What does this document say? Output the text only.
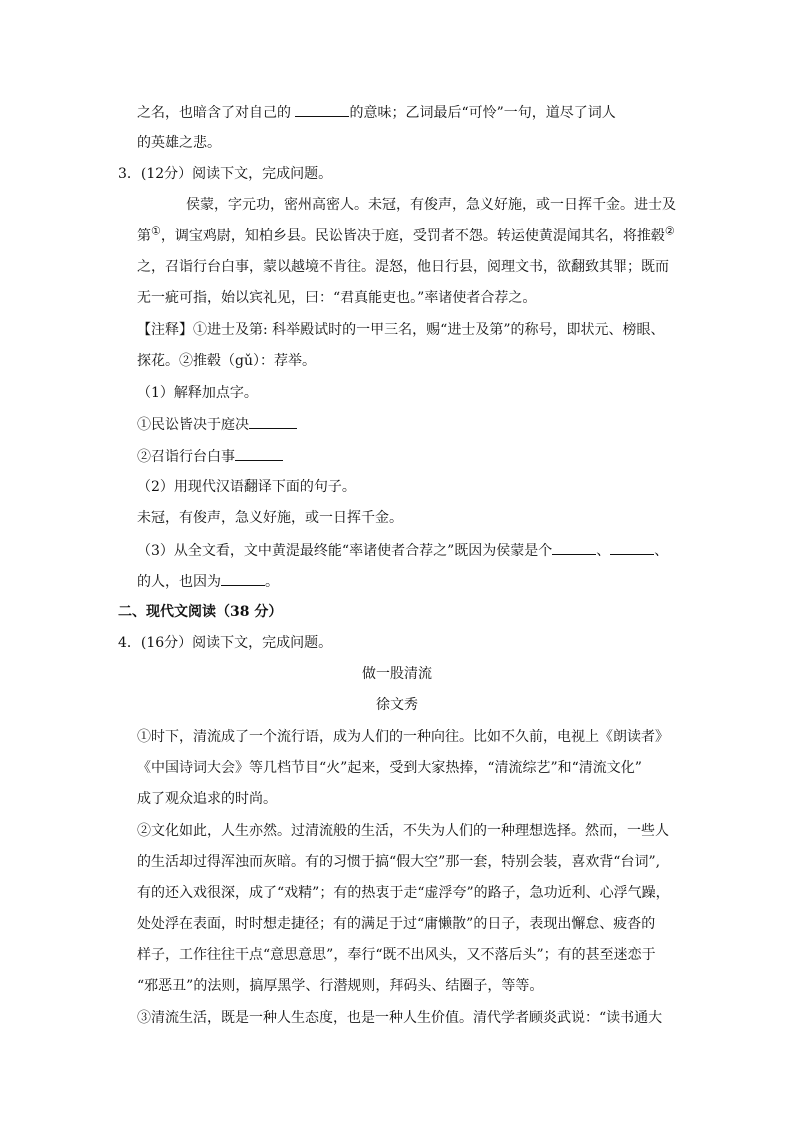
之名，也暗含了对自己的	的意味；乙词最后“可怜”一句，道尽了词人
的英雄之悲。
3．(12分）阅读下文，完成问题。
侯蒙，字元功，密州高密人。未冠，有俊声，急义好施，或一日挥千金。进士及
第①，调宝鸡尉，知柏乡县。民讼皆决于庭，受罚者不怨。转运使黄湜闻其名，将推毂②
之，召诣行台白事，蒙以越境不肯往。湜怒，他日行县，阅理文书，欲翻致其罪；既而
无一疵可指，始以宾礼见，曰：“君真能吏也。”率诸使者合荐之。
【注释】①进士及第: 科举殿试时的一甲三名，赐“进士及第”的称号，即状元、榜眼、
探花。②推毂（gǔ）：荐举。
（1）解释加点字。
①民讼皆决于庭决
②召诣行台白事
（2）用现代汉语翻译下面的句子。
未冠，有俊声，急义好施，或一日挥千金。
（3）从全文看，文中黄湜最终能“率诸使者合荐之”既因为侯蒙是个	、	、
的人，也因为	。
二、现代文阅读（38 分）
4．(16分）阅读下文，完成问题。
做一股清流
徐文秀
①时下，清流成了一个流行语，成为人们的一种向往。比如不久前，电视上《朗读者》
《中国诗词大会》等几档节目“火”起来，受到大家热捧，“清流综艺”和“清流文化”
成了观众追求的时尚。
②文化如此，人生亦然。过清流般的生活，不失为人们的一种理想选择。然而，一些人
的生活却过得浑浊而灰暗。有的习惯于搞“假大空”那一套，特别会装，喜欢背“台词”,
有的还入戏很深，成了“戏精”；有的热衷于走“虚浮夸”的路子，急功近利、心浮气躁，
处处浮在表面，时时想走捷径；有的满足于过“庸懒散”的日子，表现出懈怠、疲沓的
样子，工作往往干点“意思意思”，奉行“既不出风头，又不落后头”；有的甚至迷恋于
“邪恶丑”的法则，搞厚黑学、行潜规则，拜码头、结圈子，等等。
③清流生活，既是一种人生态度，也是一种人生价值。清代学者顾炎武说：“读书通大
